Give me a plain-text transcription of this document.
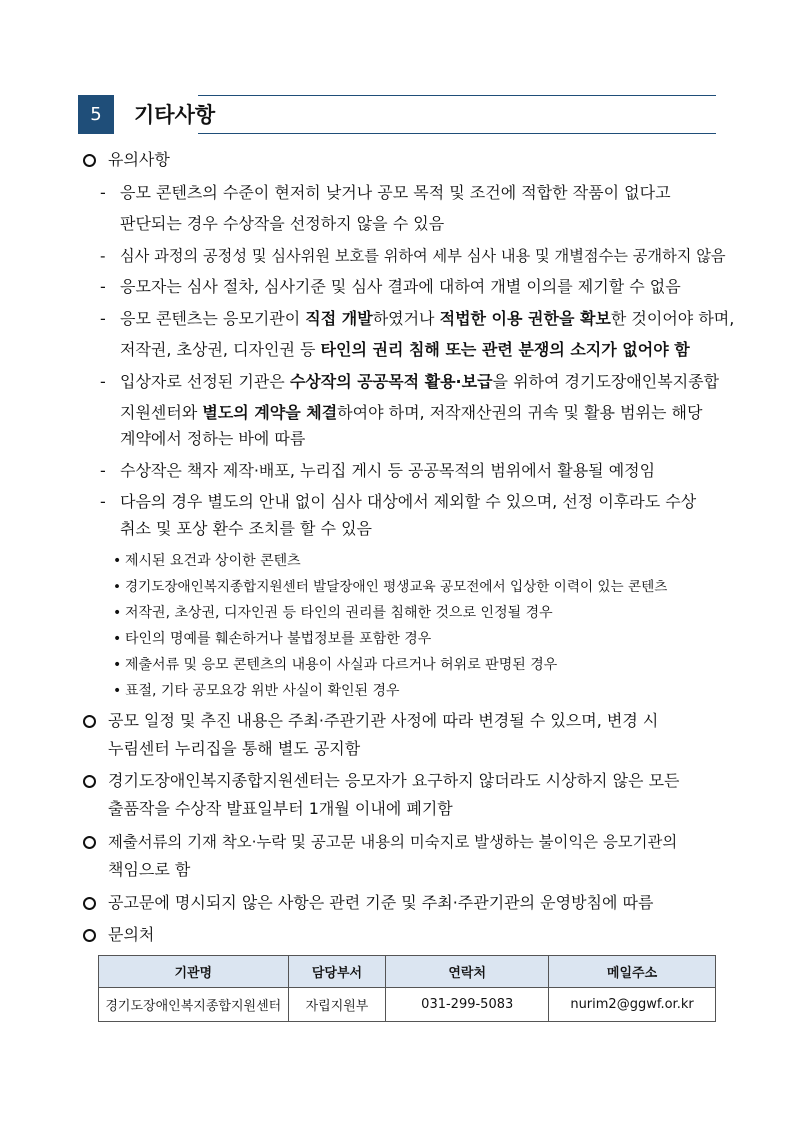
5	기타사항
유의사항
- 응모 콘텐츠의 수준이 현저히 낮거나 공모 목적 및 조건에 적합한 작품이 없다고
판단되는 경우 수상작을 선정하지 않을 수 있음
- 심사 과정의 공정성 및 심사위원 보호를 위하여 세부 심사 내용 및 개별점수는 공개하지 않음
- 응모자는 심사 절차, 심사기준 및 심사 결과에 대하여 개별 이의를 제기할 수 없음
- 응모 콘텐츠는 응모기관이 직접 개발하였거나 적법한 이용 권한을 확보한 것이어야 하며,
저작권, 초상권, 디자인권 등 타인의 권리 침해 또는 관련 분쟁의 소지가 없어야 함
- 입상자로 선정된 기관은 수상작의 공공목적 활용·보급을 위하여 경기도장애인복지종합
지원센터와 별도의 계약을 체결하여야 하며, 저작재산권의 귀속 및 활용 범위는 해당
계약에서 정하는 바에 따름
- 수상작은 책자 제작·배포, 누리집 게시 등 공공목적의 범위에서 활용될 예정임
- 다음의 경우 별도의 안내 없이 심사 대상에서 제외할 수 있으며, 선정 이후라도 수상
취소 및 포상 환수 조치를 할 수 있음
• 제시된 요건과 상이한 콘텐츠
• 경기도장애인복지종합지원센터 발달장애인 평생교육 공모전에서 입상한 이력이 있는 콘텐츠
• 저작권, 초상권, 디자인권 등 타인의 권리를 침해한 것으로 인정될 경우
• 타인의 명예를 훼손하거나 불법정보를 포함한 경우
• 제출서류 및 응모 콘텐츠의 내용이 사실과 다르거나 허위로 판명된 경우
• 표절, 기타 공모요강 위반 사실이 확인된 경우
공모 일정 및 추진 내용은 주최·주관기관 사정에 따라 변경될 수 있으며, 변경 시
누림센터 누리집을 통해 별도 공지함
경기도장애인복지종합지원센터는 응모자가 요구하지 않더라도 시상하지 않은 모든
출품작을 수상작 발표일부터 1개월 이내에 폐기함
제출서류의 기재 착오·누락 및 공고문 내용의 미숙지로 발생하는 불이익은 응모기관의
책임으로 함
공고문에 명시되지 않은 사항은 관련 기준 및 주최·주관기관의 운영방침에 따름
문의처
기관명	담당부서	연락처	메일주소
경기도장애인복지종합지원센터	자립지원부	031-299-5083	nurim2@ggwf.or.kr
